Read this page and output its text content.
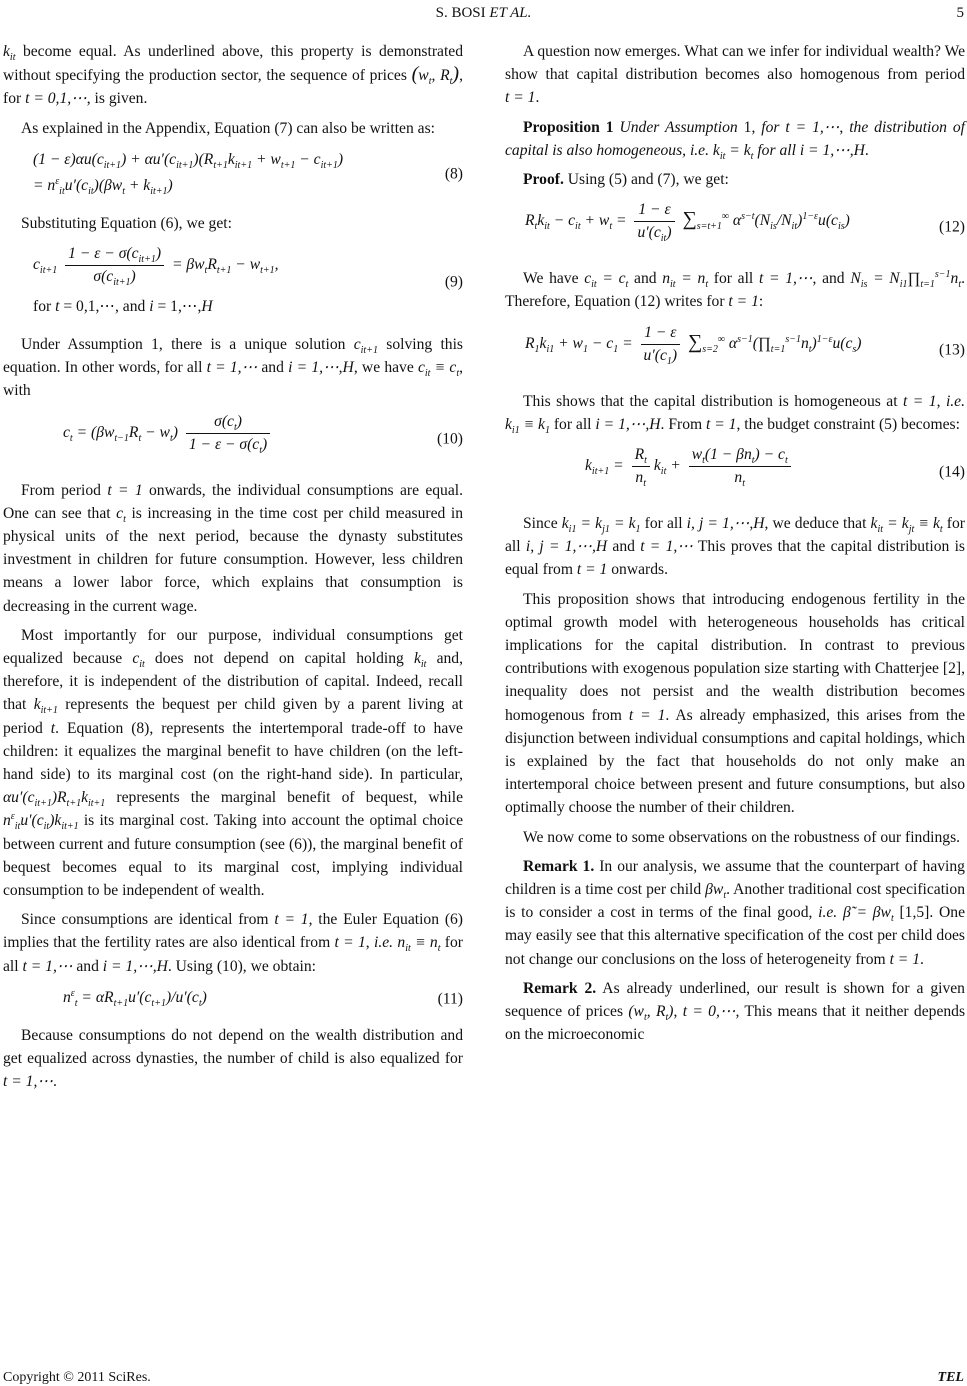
S. BOSI ET AL.	5

$k_{it}$ become equal. As underlined above, this property is demonstrated without specifying the production sector, the sequence of prices ($w_t$, $R_t$), for t = 0,1,⋯, is given.

As explained in the Appendix, Equation (7) can also be written as:

$(1 - \varepsilon)\alpha u(c_{it+1}) + \alpha u'(c_{it+1})(R_{t+1}k_{it+1} + w_{t+1} - c_{it+1})$
= $n^\varepsilon_{it}u'(c_{it})(\beta w_t + k_{it+1})$
(8)

Substituting Equation (6), we get:

$c_{it+1} \frac{1 - \varepsilon - \sigma(c_{it+1})}{\sigma(c_{it+1})} = \beta w_tR_{t+1} - w_{t+1}$,
for t = 0,1,⋯, and i = 1,⋯,H
(9)

Under Assumption 1, there is a unique solution $c_{it+1}$ solving this equation. In other words, for all t = 1,⋯ and i = 1,⋯,H, we have $c_{it} \equiv c_t$, with

$c_t = (\beta w_{t-1}R_t - w_t) \frac{\sigma(c_t)}{1 - \varepsilon - \sigma(c_t)}$	(10)

From period t = 1 onwards, the individual consumptions are equal. One can see that $c_t$ is increasing in the time cost per child measured in physical units of the next period, because the dynasty substitutes investment in children for future consumption. However, less children means a lower labor force, which explains that consumption is decreasing in the current wage.

Most importantly for our purpose, individual consumptions get equalized because $c_{it}$ does not depend on capital holding $k_{it}$ and, therefore, it is independent of the distribution of capital. Indeed, recall that $k_{it+1}$ represents the bequest per child given by a parent living at period t. Equation (8), represents the intertemporal trade-off to have children: it equalizes the marginal benefit to have children (on the left-hand side) to its marginal cost (on the right-hand side). In particular, $\alpha u'(c_{it+1})R_{t+1}k_{it+1}$ represents the marginal benefit of bequest, while $n^\varepsilon_{it}u'(c_{it})k_{it+1}$ is its marginal cost. Taking into account the optimal choice between current and future consumption (see (6)), the marginal benefit of bequest becomes equal to its marginal cost, implying individual consumption to be independent of wealth.

Since consumptions are identical from t = 1, the Euler Equation (6) implies that the fertility rates are also identical from t = 1, i.e. $n_{it} \equiv n_t$ for all t = 1,⋯ and i = 1,⋯,H. Using (10), we obtain:

$n^\varepsilon_t = \alpha R_{t+1}u'(c_{t+1})/u'(c_t)$	(11)

Because consumptions do not depend on the wealth distribution and get equalized across dynasties, the number of child is also equalized for t = 1,⋯.

A question now emerges. What can we infer for individual wealth? We show that capital distribution becomes also homogenous from period t = 1.

Proposition 1 Under Assumption 1, for t = 1,⋯, the distribution of capital is also homogeneous, i.e. $k_{it} = k_t$ for all i = 1,⋯,H.

Proof. Using (5) and (7), we get:

$R_tk_{it} - c_{it} + w_t = \frac{1 - \varepsilon}{u'(c_{it})} \sum_{s=t+1}^\infty$ $\alpha^{s-t}(N_{is}/N_{it})^{1-\varepsilon}u(c_{is})$	(12)

We have $c_{it} = c_t$ and $n_{it} = n_t$ for all t = 1,⋯, and $N_{is}$ = $N_{i1}\prod_{t=1}^{s-1}n_t$. Therefore, Equation (12) writes for t = 1:

$R_1k_{i1} + w_1 - c_1 = \frac{1 - \varepsilon}{u'(c_1)} \sum_{s=2}^\infty$ $\alpha^{s-1}(\prod_{t=1}^{s-1}n_t)^{1-\varepsilon}u(c_s)$	(13)

This shows that the capital distribution is homogeneous at t = 1, i.e. $k_{i1} \equiv k_1$ for all i = 1,⋯,H. From t = 1, the budget constraint (5) becomes:

$k_{it+1} = \frac{R_t}{n_t} k_{it} + \frac{w_t(1 - \beta n_t) - c_t}{n_t}$	(14)

Since $k_{i1} = k_{j1} = k_1$ for all i, j = 1,⋯,H, we deduce that $k_{it} = k_{jt} \equiv k_t$ for all i, j = 1,⋯,H and t = 1,⋯ This proves that the capital distribution is equal from t = 1 onwards.

This proposition shows that introducing endogenous fertility in the optimal growth model with heterogeneous households has critical implications for the capital distribution. In contrast to previous contributions with exogenous population size starting with Chatterjee [2], inequality does not persist and the wealth distribution becomes homogenous from t = 1. As already emphasized, this arises from the disjunction between individual consumptions and capital holdings, which is explained by the fact that households do not only make an intertemporal choice between present and future consumptions, but also optimally choose the number of their children.

We now come to some observations on the robustness of our findings.

Remark 1. In our analysis, we assume that the counterpart of having children is a time cost per child $\beta w_t$. Another traditional cost specification is to consider a cost in terms of the final good, i.e. β̃ = $\beta w_t$ [1,5]. One may easily see that this alternative specification of the cost per child does not change our conclusions on the loss of heterogeneity from t = 1.

Remark 2. As already underlined, our result is shown for a given sequence of prices ($w_t$, $R_t$), t = 0,⋯, This means that it neither depends on the microeconomic

Copyright © 2011 SciRes.	TEL
